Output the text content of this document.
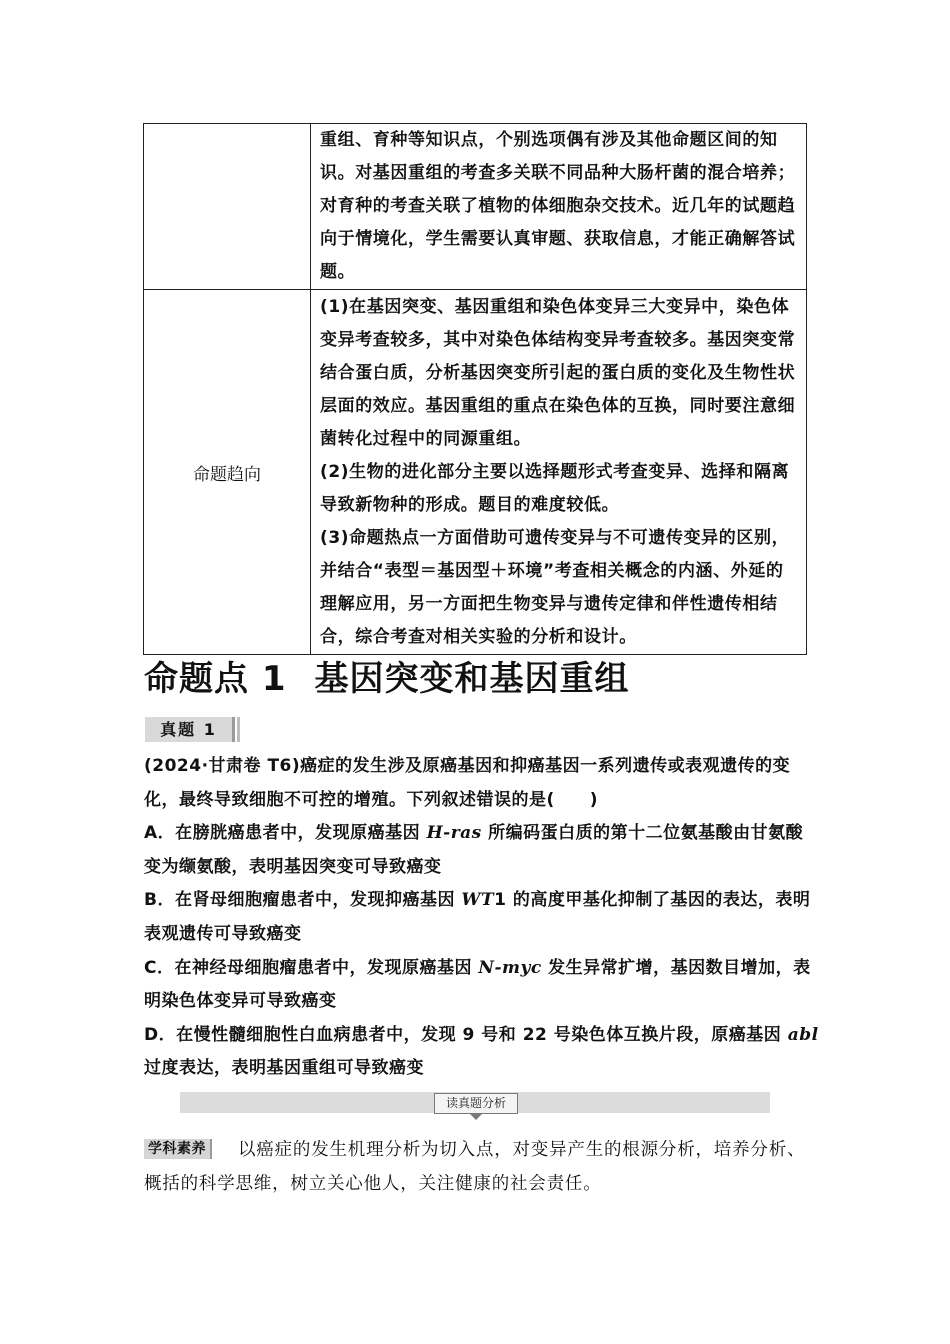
	重组、育种等知识点，个别选项偶有涉及其他命题区间的知识。对基因重组的考查多关联不同品种大肠杆菌的混合培养；对育种的考查关联了植物的体细胞杂交技术。近几年的试题趋向于情境化，学生需要认真审题、获取信息，才能正确解答试题。

命题趋向	(1)在基因突变、基因重组和染色体变异三大变异中，染色体变异考查较多，其中对染色体结构变异考查较多。基因突变常结合蛋白质，分析基因突变所引起的蛋白质的变化及生物性状层面的效应。基因重组的重点在染色体的互换，同时要注意细菌转化过程中的同源重组。

(2)生物的进化部分主要以选择题形式考查变异、选择和隔离导致新物种的形成。题目的难度较低。

(3)命题热点一方面借助可遗传变异与不可遗传变异的区别，并结合“表型＝基因型＋环境”考查相关概念的内涵、外延的理解应用，另一方面把生物变异与遗传定律和伴性遗传相结合，综合考查对相关实验的分析和设计。

命题点 1 基因突变和基因重组
真题 1

(2024·甘肃卷 T6)癌症的发生涉及原癌基因和抑癌基因一系列遗传或表观遗传的变化，最终导致细胞不可控的增殖。下列叙述错误的是(　　)

A．在膀胱癌患者中，发现原癌基因 H-ras 所编码蛋白质的第十二位氨基酸由甘氨酸变为缬氨酸，表明基因突变可导致癌变

B．在肾母细胞瘤患者中，发现抑癌基因 WT1 的高度甲基化抑制了基因的表达，表明表观遗传可导致癌变

C．在神经母细胞瘤患者中，发现原癌基因 N-myc 发生异常扩增，基因数目增加，表明染色体变异可导致癌变

D．在慢性髓细胞性白血病患者中，发现 9 号和 22 号染色体互换片段，原癌基因 abl 过度表达，表明基因重组可导致癌变

读真题分析

学科素养 以癌症的发生机理分析为切入点，对变异产生的根源分析，培养分析、概括的科学思维，树立关心他人，关注健康的社会责任。
